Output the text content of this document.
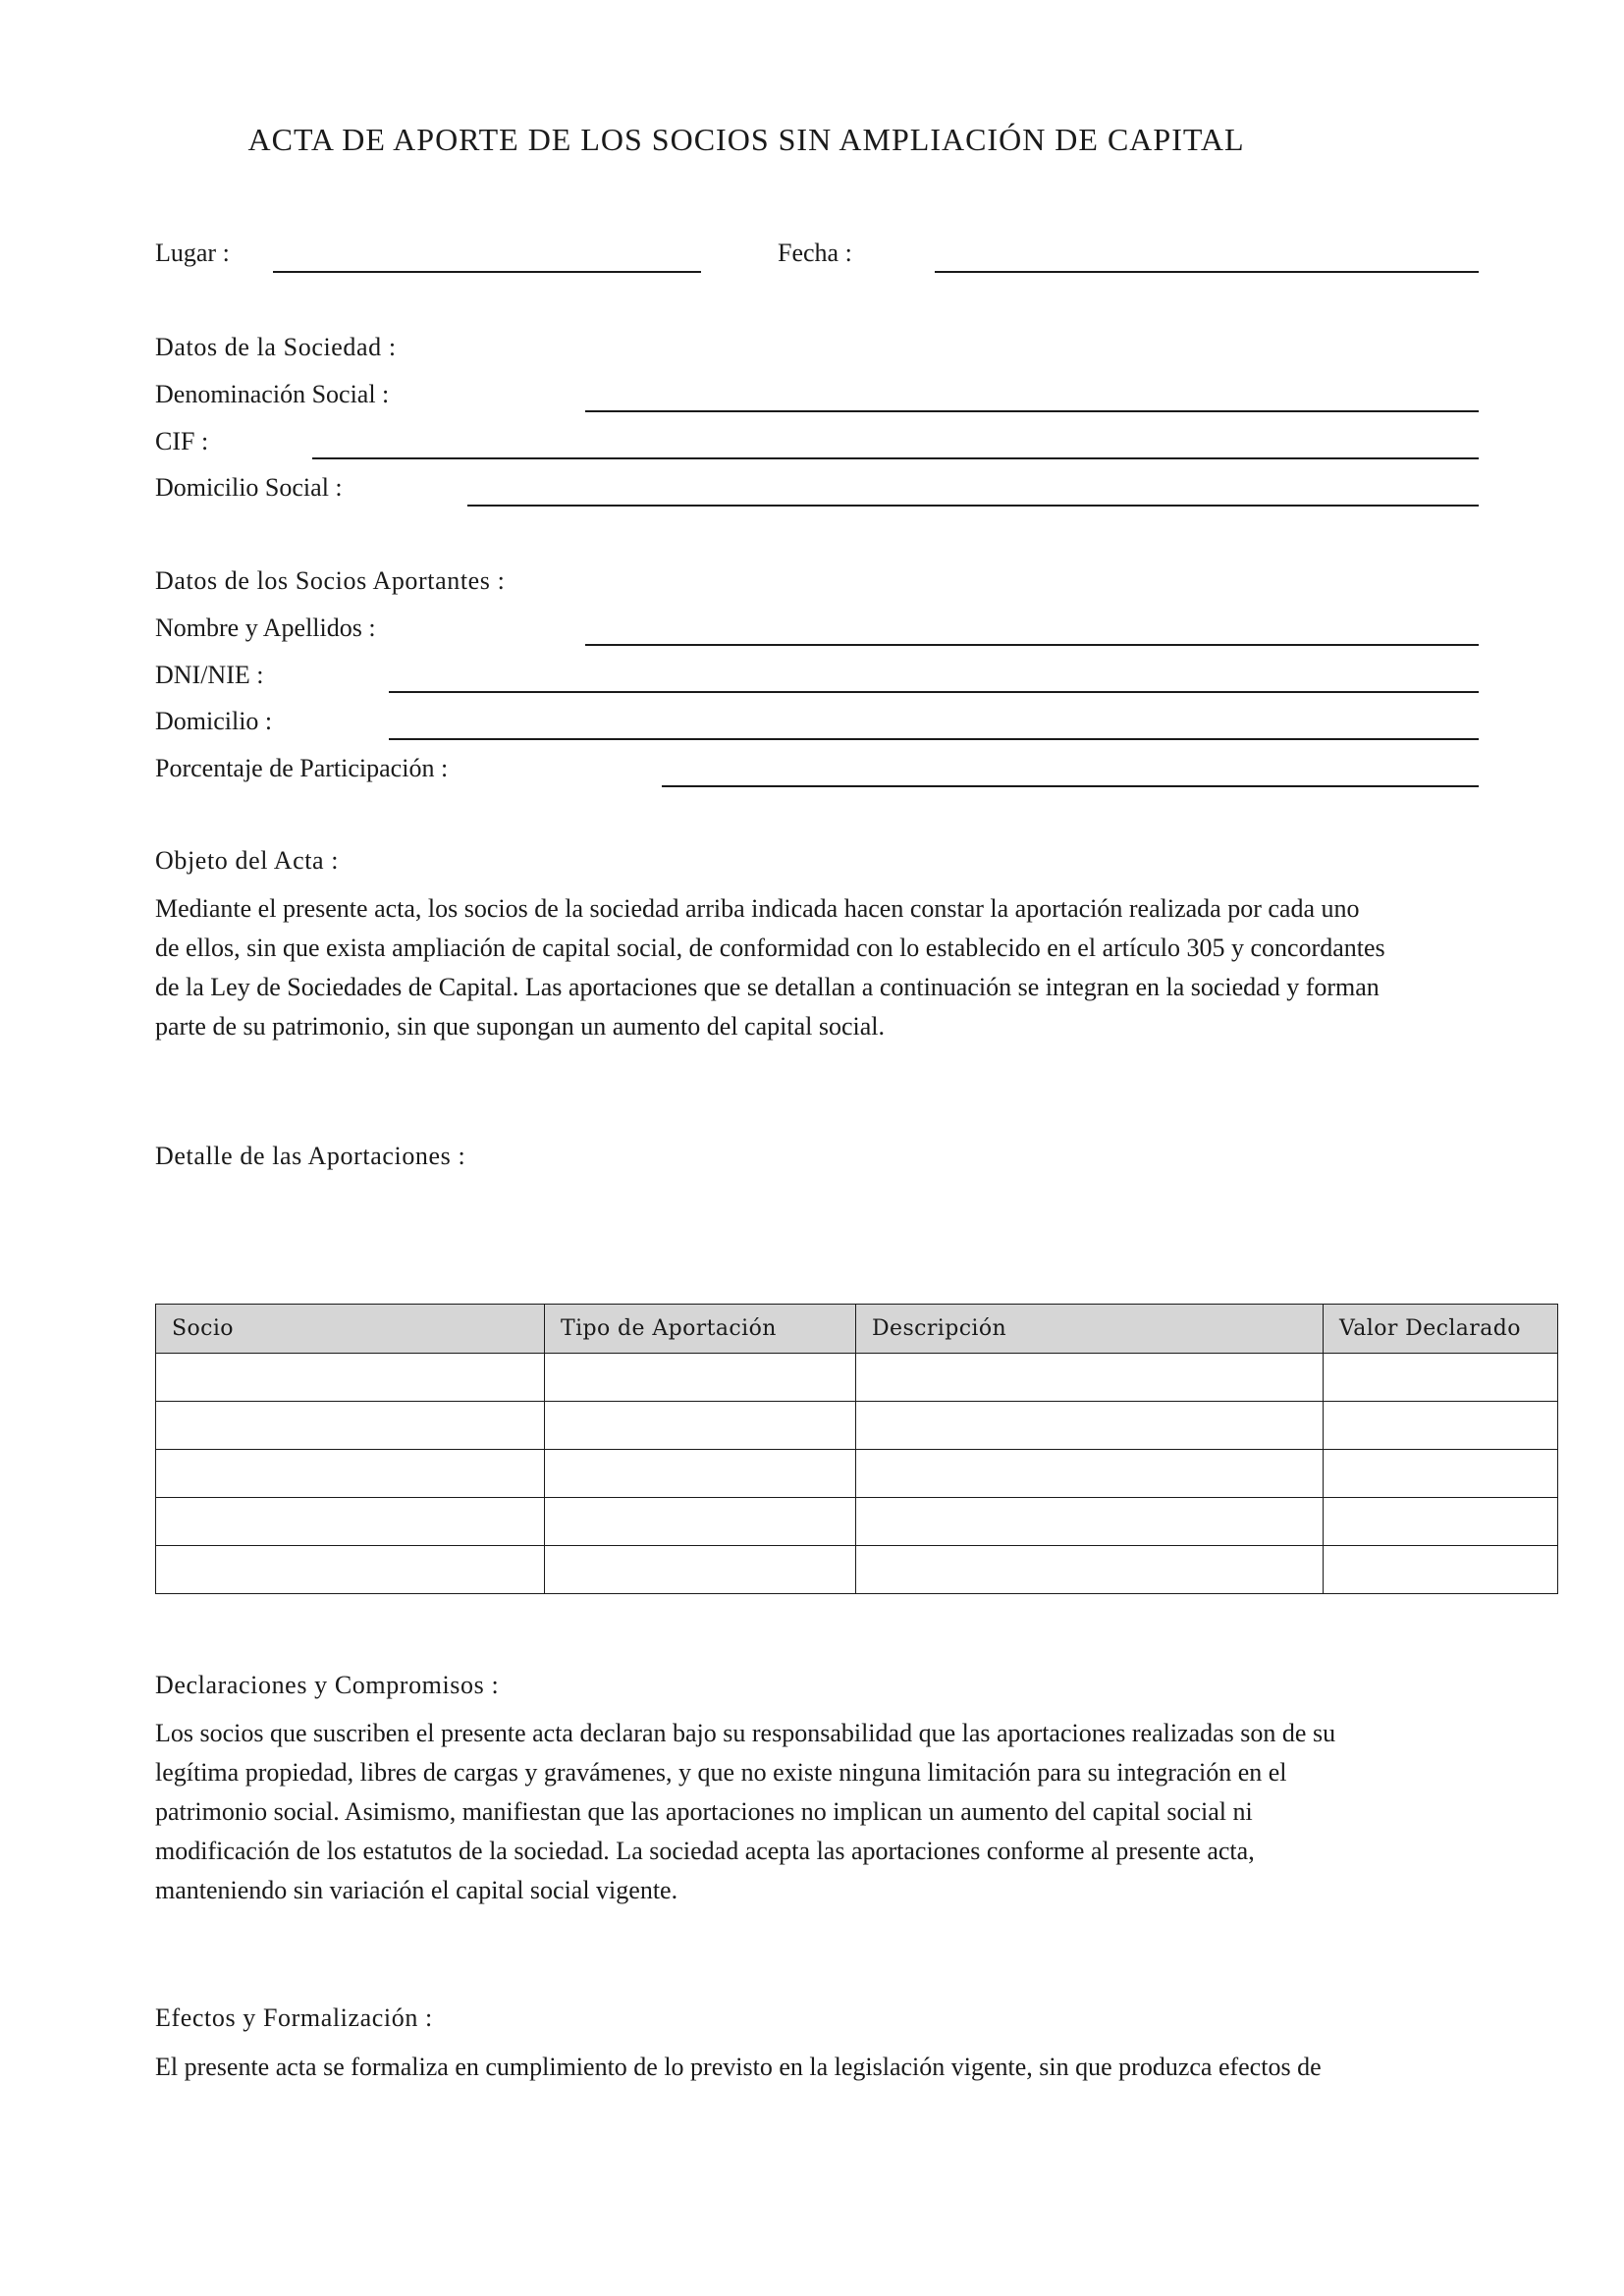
ACTA DE APORTE DE LOS SOCIOS SIN AMPLIACIÓN DE CAPITAL
Lugar :	Fecha :
Datos de la Sociedad :
Denominación Social :
CIF :
Domicilio Social :
Datos de los Socios Aportantes :
Nombre y Apellidos :
DNI/NIE :
Domicilio :
Porcentaje de Participación :
Objeto del Acta :
Mediante el presente acta, los socios de la sociedad arriba indicada hacen constar la aportación realizada por cada uno
de ellos, sin que exista ampliación de capital social, de conformidad con lo establecido en el artículo 305 y concordantes
de la Ley de Sociedades de Capital. Las aportaciones que se detallan a continuación se integran en la sociedad y forman
parte de su patrimonio, sin que supongan un aumento del capital social.
Detalle de las Aportaciones :
Socio	Tipo de Aportación	Descripción	Valor Declarado

Declaraciones y Compromisos :
Los socios que suscriben el presente acta declaran bajo su responsabilidad que las aportaciones realizadas son de su
legítima propiedad, libres de cargas y gravámenes, y que no existe ninguna limitación para su integración en el
patrimonio social. Asimismo, manifiestan que las aportaciones no implican un aumento del capital social ni
modificación de los estatutos de la sociedad. La sociedad acepta las aportaciones conforme al presente acta,
manteniendo sin variación el capital social vigente.
Efectos y Formalización :
El presente acta se formaliza en cumplimiento de lo previsto en la legislación vigente, sin que produzca efectos de
